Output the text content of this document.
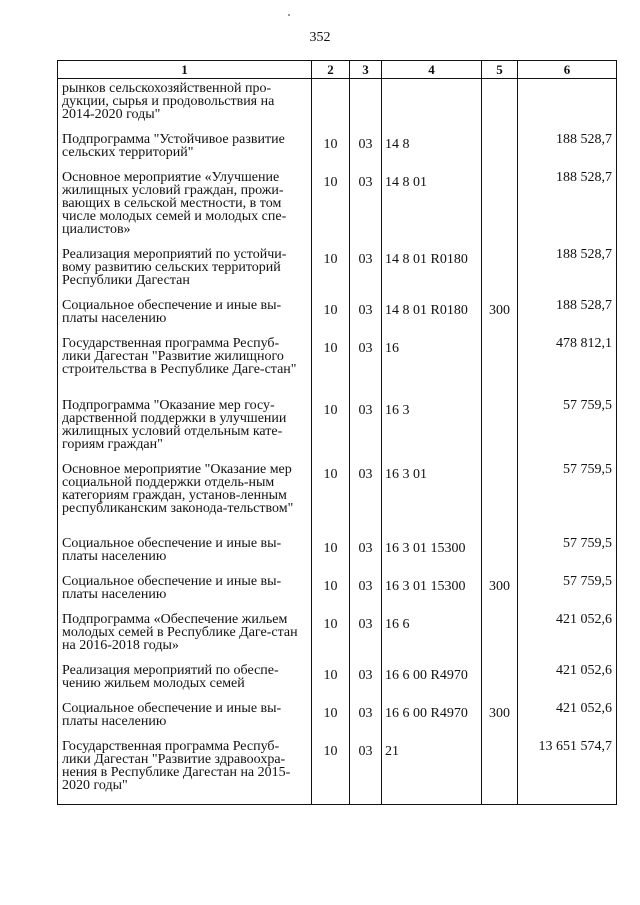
352
1	2	3	4	5	6
рынков сельскохозяйственной про-дукции, сырья и продовольствия на 2014-2020 годы"					
Подпрограмма "Устойчивое развитие сельских территорий"	10	03	14 8		188 528,7
Основное мероприятие «Улучшение жилищных условий граждан, прожи-вающих в сельской местности, в том числе молодых семей и молодых спе-циалистов»	10	03	14 8 01		188 528,7
Реализация мероприятий по устойчи-вому развитию сельских территорий Республики Дагестан	10	03	14 8 01 R0180		188 528,7
Социальное обеспечение и иные вы-платы населению	10	03	14 8 01 R0180	300	188 528,7
Государственная программа Респуб-лики Дагестан "Развитие жилищного строительства в Республике Даге-стан"	10	03	16		478 812,1
Подпрограмма "Оказание мер госу-дарственной поддержки в улучшении жилищных условий отдельным кате-гориям граждан"	10	03	16 3		57 759,5
Основное мероприятие "Оказание мер социальной поддержки отдель-ным категориям граждан, установ-ленным республиканским законода-тельством"	10	03	16 3 01		57 759,5
Социальное обеспечение и иные вы-платы населению	10	03	16 3 01 15300		57 759,5
Социальное обеспечение и иные вы-платы населению	10	03	16 3 01 15300	300	57 759,5
Подпрограмма «Обеспечение жильем молодых семей в Республике Даге-стан на 2016-2018 годы»	10	03	16 6		421 052,6
Реализация мероприятий по обеспе-чению жильем молодых семей	10	03	16 6 00 R4970		421 052,6
Социальное обеспечение и иные вы-платы населению	10	03	16 6 00 R4970	300	421 052,6
Государственная программа Респуб-лики Дагестан "Развитие здравоохра-нения в Республике Дагестан на 2015-2020 годы"	10	03	21		13 651 574,7
